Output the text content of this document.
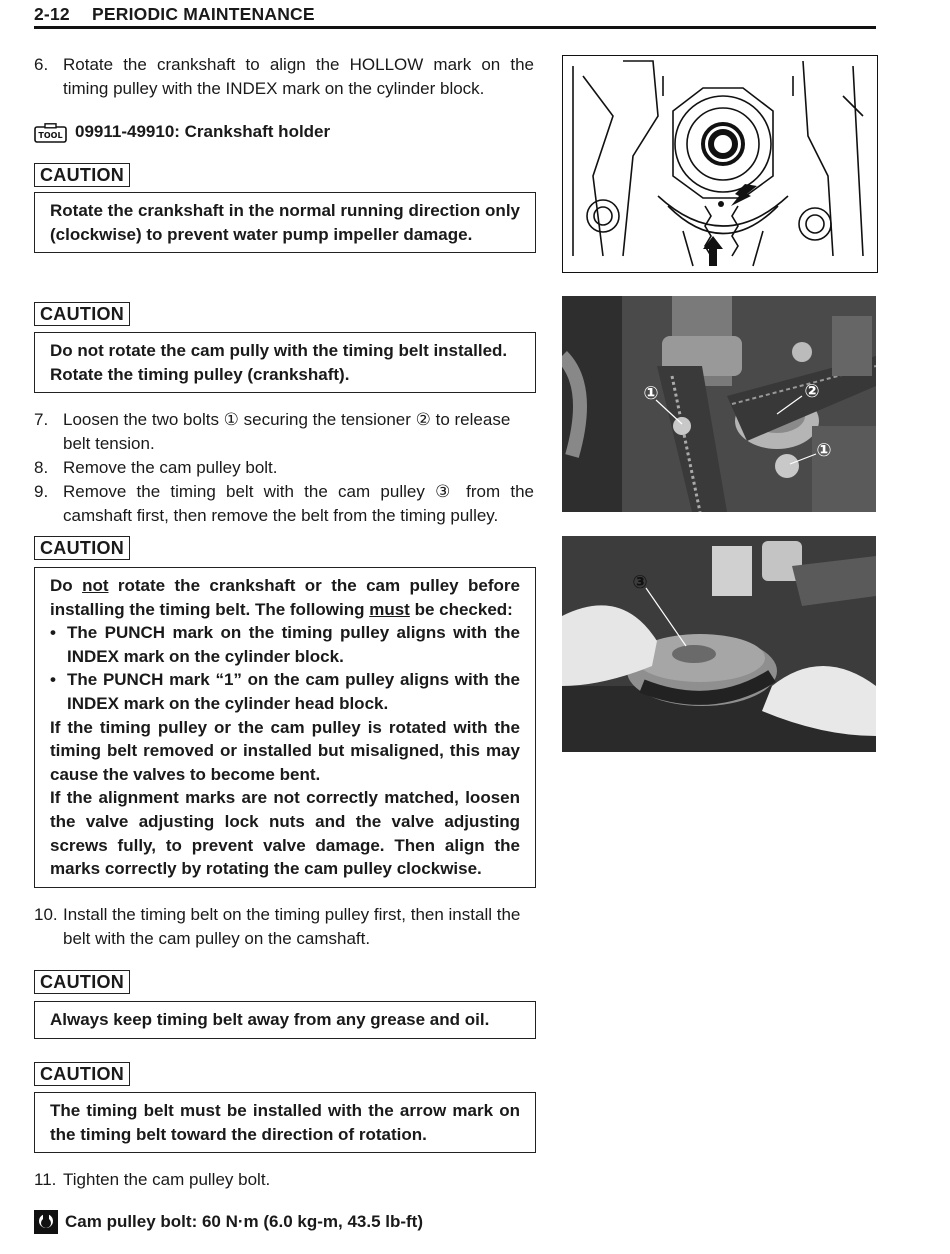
2-12 PERIODIC MAINTENANCE
6. Rotate the crankshaft to align the HOLLOW mark on the timing pulley with the INDEX mark on the cylinder block.
TOOL 09911-49910: Crankshaft holder
CAUTION

Rotate the crankshaft in the normal running direction only (clockwise) to prevent water pump impeller damage.

CAUTION

Do not rotate the cam pully with the timing belt installed. Rotate the timing pulley (crankshaft).

7. Loosen the two bolts ① securing the tensioner ② to release belt tension.
8. Remove the cam pulley bolt.
9. Remove the timing belt with the cam pulley ③ from the camshaft first, then remove the belt from the timing pulley.
CAUTION

Do not rotate the crankshaft or the cam pulley before installing the timing belt. The following must be checked:

• The PUNCH mark on the timing pulley aligns with the INDEX mark on the cylinder block.

• The PUNCH mark “1” on the cam pulley aligns with the INDEX mark on the cylinder head block.

If the timing pulley or the cam pulley is rotated with the timing belt removed or installed but misaligned, this may cause the valves to become bent.

If the alignment marks are not correctly matched, loosen the valve adjusting lock nuts and the valve adjusting screws fully, to prevent valve damage. Then align the marks correctly by rotating the cam pulley clockwise.

10. Install the timing belt on the timing pulley first, then install the belt with the cam pulley on the camshaft.
CAUTION

Always keep timing belt away from any grease and oil.

CAUTION

The timing belt must be installed with the arrow mark on the timing belt toward the direction of rotation.

11. Tighten the cam pulley bolt.
Cam pulley bolt: 60 N·m (6.0 kg-m, 43.5 lb-ft)
①	②
①
③
